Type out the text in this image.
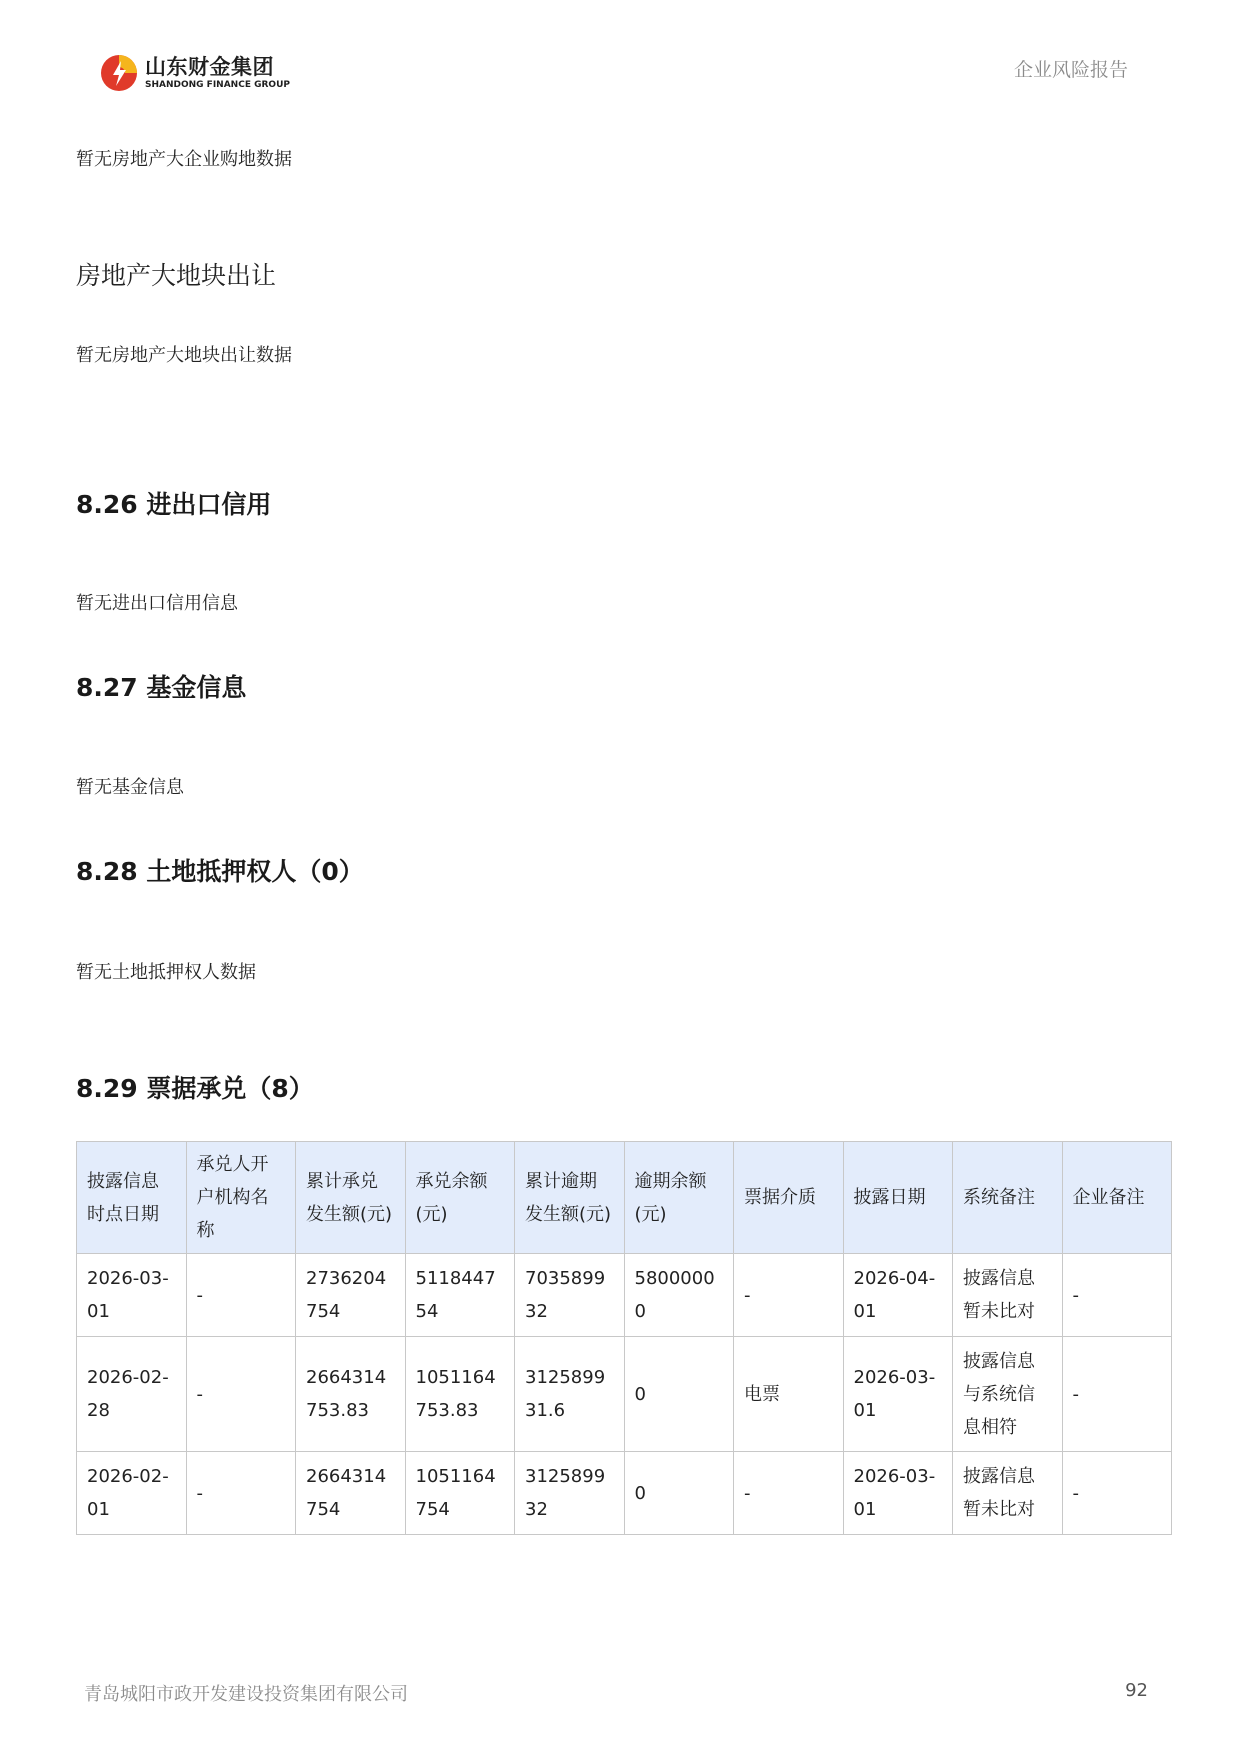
山东财金集团
SHANDONG FINANCE GROUP
企业风险报告
暂无房地产大企业购地数据
房地产大地块出让
暂无房地产大地块出让数据
8.26 进出口信用
暂无进出口信用信息
8.27 基金信息
暂无基金信息
8.28 土地抵押权人（0）
暂无土地抵押权人数据
8.29 票据承兑（8）
披露信息时点日期	承兑人开户机构名称	累计承兑发生额(元)	承兑余额(元)	累计逾期发生额(元)	逾期余额(元)	票据介质	披露日期	系统备注	企业备注
2026-03-01	-	2736204754	511844754	703589932	58000000	-	2026-04-01	披露信息暂未比对	-
2026-02-28	-	2664314753.83	1051164753.83	312589931.6	0	电票	2026-03-01	披露信息与系统信息相符	-
2026-02-01	-	2664314754	1051164754	312589932	0	-	2026-03-01	披露信息暂未比对	-
青岛城阳市政开发建设投资集团有限公司	92
